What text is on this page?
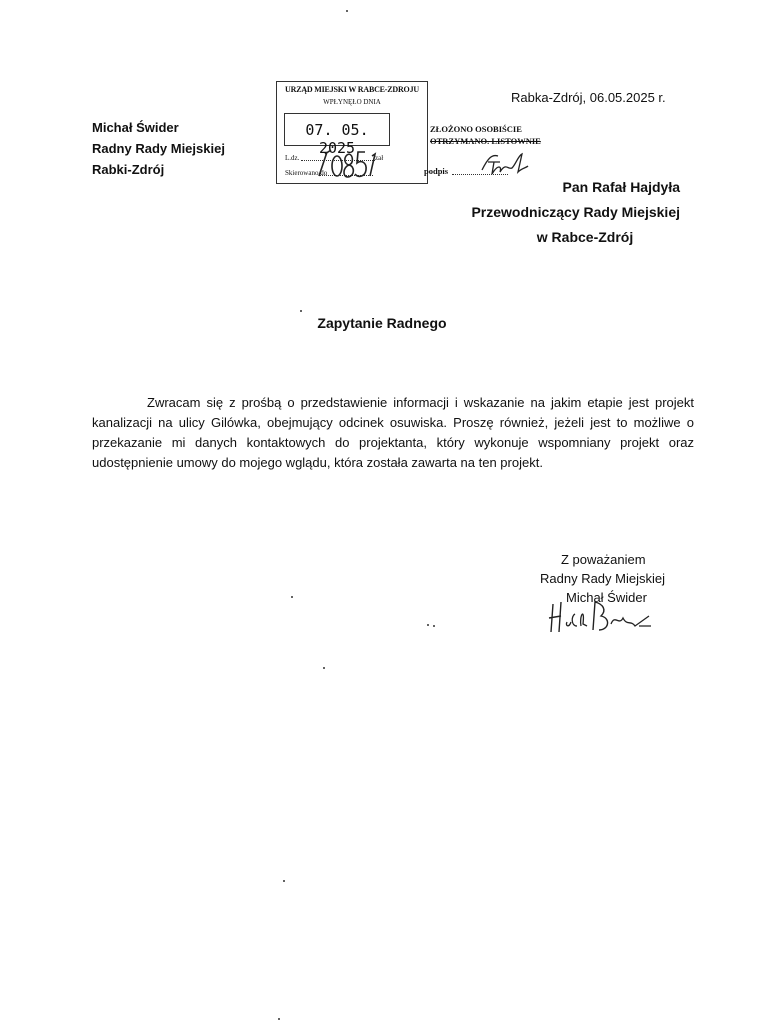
Michał Świder
Radny Rady Miejskiej
Rabki-Zdrój
Rabka-Zdrój, 06.05.2025 r.
URZĄD MIEJSKI W RABCE-ZDROJU
WPŁYNĘŁO DNIA
07. 05. 2025
L.dz.	zał
Skierowano do
ZŁOŻONO OSOBIŚCIE
OTRZYMANO. LISTOWNIE
podpis
Pan Rafał Hajdyła
Przewodniczący Rady Miejskiej
w Rabce-Zdrój
Zapytanie Radnego

Zwracam się z prośbą o przedstawienie informacji i wskazanie na jakim etapie jest projekt kanalizacji na ulicy Gilówka, obejmujący odcinek osuwiska. Proszę również, jeżeli jest to możliwe o przekazanie mi danych kontaktowych do projektanta, który wykonuje wspomniany projekt oraz udostępnienie umowy do mojego wglądu, która została zawarta na ten projekt.

Z poważaniem
Radny Rady Miejskiej
Michał Świder
